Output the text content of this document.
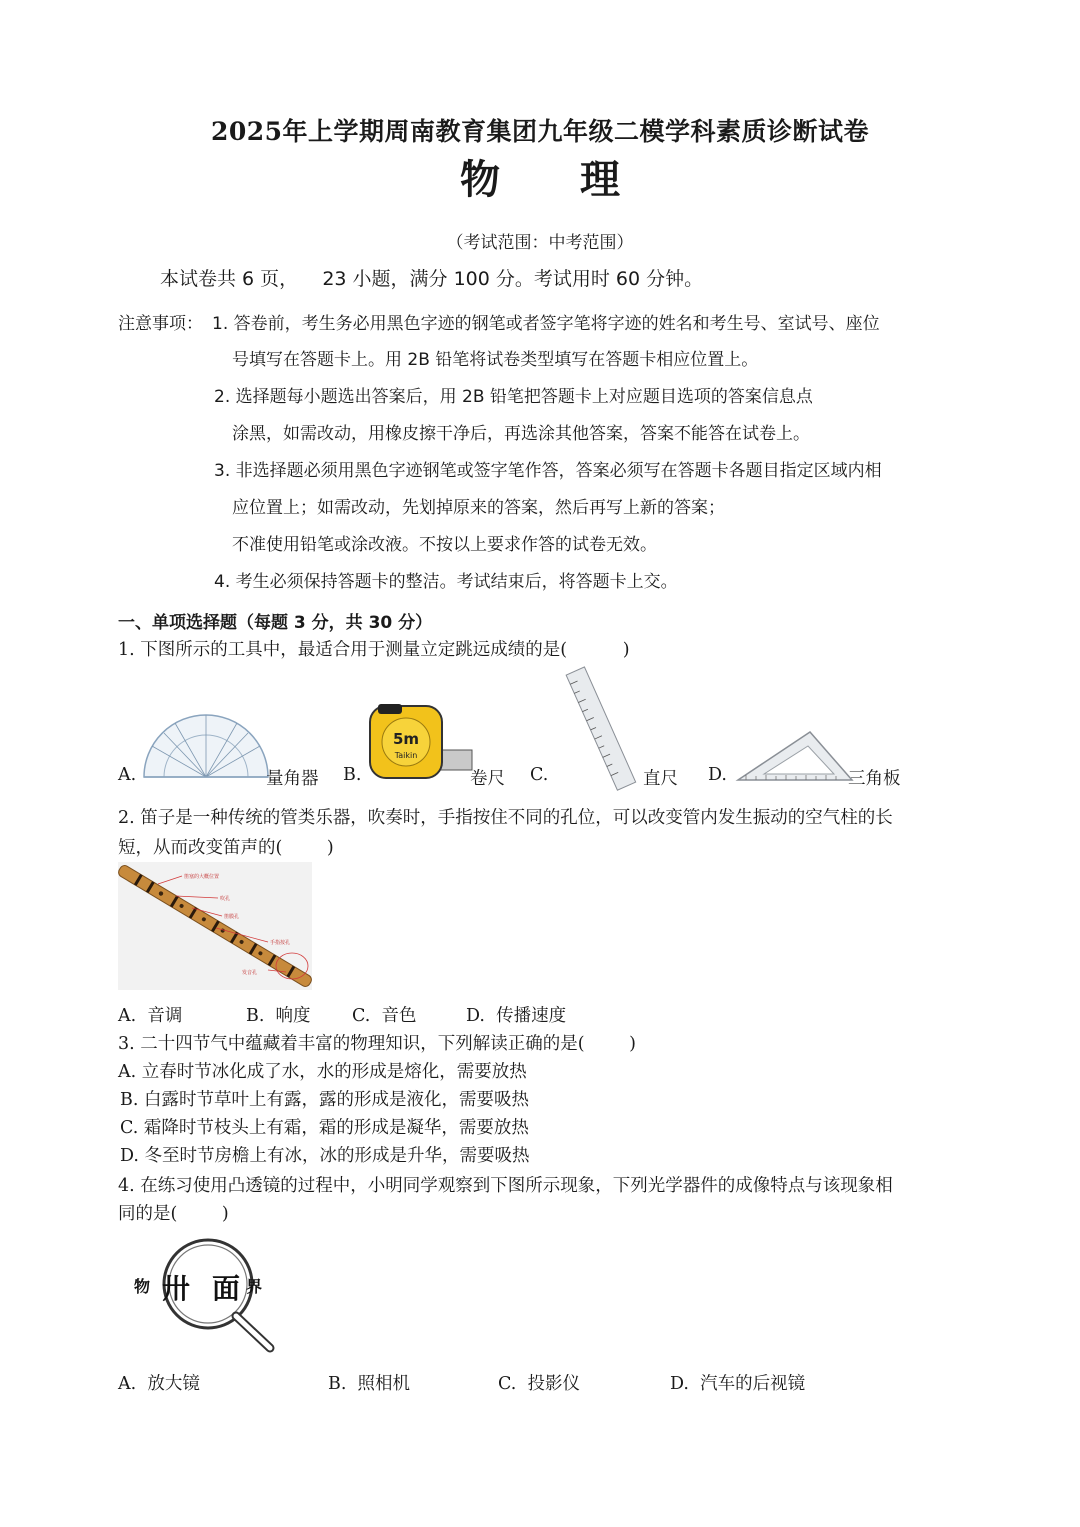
2025年上学期周南教育集团九年级二模学科素质诊断试卷
物 理
（考试范围：中考范围）
本试卷共 6 页，    23 小题，满分 100 分。考试用时 60 分钟。
注意事项： 1. 答卷前，考生务必用黑色字迹的钢笔或者签字笔将字迹的姓名和考生号、室试号、座位
号填写在答题卡上。用 2B 铅笔将试卷类型填写在答题卡相应位置上。
2. 选择题每小题选出答案后，用 2B 铅笔把答题卡上对应题目选项的答案信息点
涂黑，如需改动，用橡皮擦干净后，再选涂其他答案，答案不能答在试卷上。
3. 非选择题必须用黑色字迹钢笔或签字笔作答，答案必须写在答题卡各题目指定区域内相
应位置上；如需改动，先划掉原来的答案，然后再写上新的答案；
不准使用铅笔或涂改液。不按以上要求作答的试卷无效。
4. 考生必须保持答题卡的整洁。考试结束后，将答题卡上交。
一、单项选择题（每题 3 分，共 30 分）
1. 下图所示的工具中，最适合用于测量立定跳远成绩的是(          )
A.	量角器
5m
Taikin
B.	卷尺 C.	直尺 D.	三角板
2. 笛子是一种传统的管类乐器，吹奏时，手指按住不同的孔位，可以改变管内发生振动的空气柱的长
短，从而改变笛声的(        )
笛塞的大概位置
吹孔
笛膜孔
手指按孔
发音孔
A.  音调	B.  响度 C.  音色	D.  传播速度
3. 二十四节气中蕴藏着丰富的物理知识，下列解读正确的是(        )
A. 立春时节冰化成了水，水的形成是熔化，需要放热
B. 白露时节草叶上有露，露的形成是液化，需要吸热
C. 霜降时节枝头上有霜，霜的形成是凝华，需要放热
D. 冬至时节房檐上有冰，冰的形成是升华，需要吸热
4. 在练习使用凸透镜的过程中，小明同学观察到下图所示现象，下列光学器件的成像特点与该现象相
同的是(        )
物 卅 面 界
A.  放大镜	B.  照相机	C.  投影仪	D.  汽车的后视镜
